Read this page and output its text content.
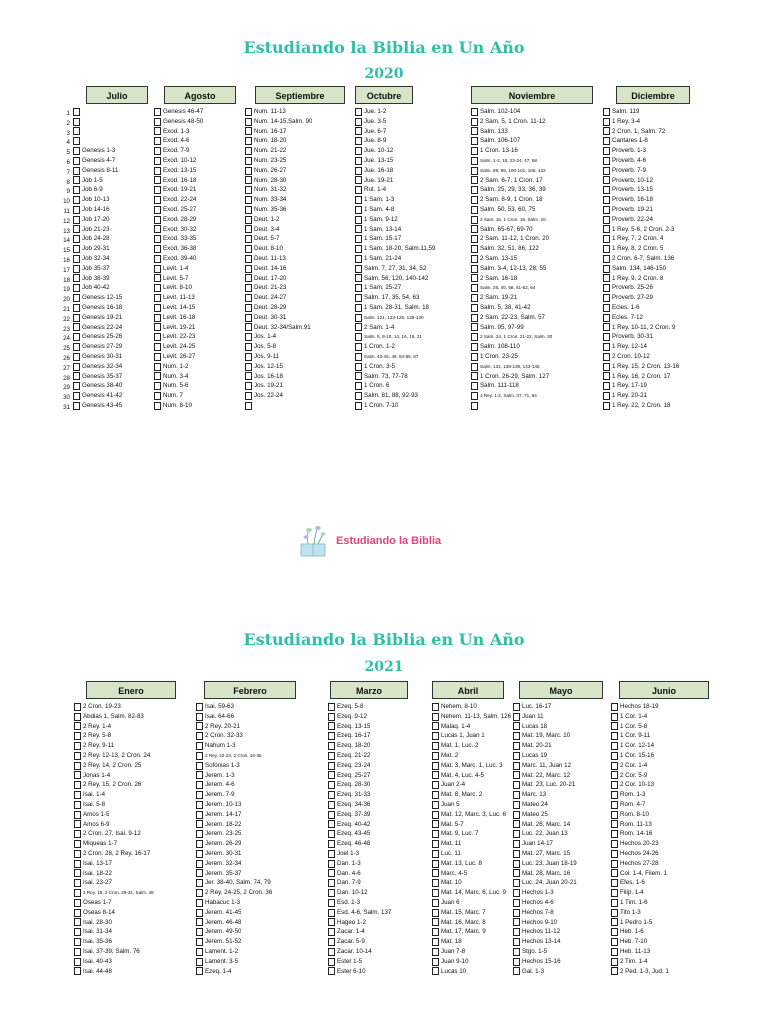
Estudiando la Biblia en Un Año
2020
Julio
Genesis 1-3
Genesis 4-7
Genesis 8-11
Job 1-5
Job 6-9
Job 10-13
Job 14-16
Job 17-20
Job 21-23
Job 24-28
Job 29-31
Job 32-34
Job 35-37
Job 38-39
Job 40-42
Genesis 12-15
Genesis 16-18
Genesis 19-21
Genesis 22-24
Genesis 25-26
Genesis 27-29
Genesis 30-31
Genesis 32-34
Genesis 35-37
Genesis 38-40
Genesis 41-42
Genesis 43-45
Agosto
Genesis 46-47
Genesis 48-50
Exod. 1-3
Exod. 4-6
Exod. 7-9
Exod. 10-12
Exod. 13-15
Exod. 16-18
Exod. 19-21
Exod. 22-24
Exod. 25-27
Exod. 28-29
Exod. 30-32
Exod. 33-35
Exod. 36-38
Exod. 39-40
Levit. 1-4
Levit. 5-7
Levit. 8-10
Levit. 11-13
Levit. 14-15
Levit. 16-18
Levit. 19-21
Levit. 22-23
Levit. 24-25
Levit. 26-27
Num. 1-2
Num. 3-4
Num. 5-6
Num. 7
Num. 8-10
Septiembre
Num. 11-13
Num. 14-15,Salm. 90
Num. 16-17
Num. 18-20
Num. 21-22
Num. 23-25
Num. 26-27
Num. 28-30
Num. 31-32
Num. 33-34
Num. 35-36
Deut. 1-2
Deut. 3-4
Deut. 5-7
Deut. 8-10
Deut. 11-13
Deut. 14-16
Deut. 17-20
Deut. 21-23
Deut. 24-27
Deut. 28-29
Deut. 30-31
Deut. 32-34/Salm.91
Jos. 1-4
Jos. 5-8
Jos. 9-11
Jos. 12-15
Jos. 16-18
Jos. 19-21
Jos. 22-24
Octubre
Jue. 1-2
Jue. 3-5
Jue. 6-7
Jue. 8-9
Jue. 10-12
Jue. 13-15
Jue. 16-18
Jue. 19-21
Rut. 1-4
1 Sam. 1-3
1 Sam. 4-8
1 Sam. 9-12
1 Sam. 13-14
1 Sam. 15-17
1 Sam. 18-20, Salm.11,59
1 Sam. 21-24
Salm. 7, 27, 31, 34, 52
Salm. 56, 120, 140-142
1 Sam. 25-27
Salm. 17, 35, 54, 63
1 Sam. 28-31, Salm. 18
Salm. 121, 123-125, 128-130
2 Sam. 1-4
Salm. 6, 8-10, 14, 16, 19, 21
1 Cron. 1-2
Salm. 43-45, 49, 84-85, 87
1 Cron. 3-5
Salm. 73, 77-78
1 Cron. 6
Salm. 81, 88, 92-93
1 Cron. 7-10
Noviembre
Salm. 102-104
2 Sam. 5, 1 Cron. 11-12
Salm. 133
Salm. 106-107
1 Cron. 13-16
Salm. 1-2, 15, 22-24, 47, 68
Salm. 89, 96, 100-101, 105, 132
2 Sam. 6-7, 1 Cron. 17
Salm. 25, 29, 33, 36, 39
2 Sam. 8-9, 1 Cron. 18
Salm. 50, 53, 60, 75
2 Sam. 10, 1 Cron. 19, Salm. 20
Salm. 65-67, 69-70
2 Sam. 11-12, 1 Cron. 20
Salm. 32, 51, 86, 122
2 Sam. 13-15
Salm. 3-4, 12-13, 28, 55
2 Sam. 16-18
Salm. 26, 40, 58, 61-62, 64
2 Sam. 19-21
Salm. 5, 38, 41-42
2 Sam. 22-23, Salm. 57
Salm. 95, 97-99
2 Sam. 24, 1 Cron. 21-22, Salm. 30
Salm. 108-110
1 Cron. 23-25
Salm. 131, 138-139, 143-145
1 Cron. 26-29, Salm. 127
Salm. 111-118
1 Rey. 1-2, Salm. 37, 71, 94
Diciembre
Salm. 119
1 Rey. 3-4
2 Cron. 1, Salm. 72
Cantares 1-8
Proverb. 1-3
Proverb. 4-6
Proverb. 7-9
Proverb. 10-12
Proverb. 13-15
Proverb. 16-18
Proverb. 19-21
Proverb. 22-24
1 Rey. 5-6, 2 Cron. 2-3
1 Rey. 7, 2 Cron. 4
1 Rey. 8, 2 Cron. 5
2 Cron. 6-7, Salm. 136
Salm. 134, 146-150
1 Rey. 9, 2 Cron. 8
Proverb. 25-26
Proverb. 27-29
Ecles. 1-6
Ecles. 7-12
1 Rey. 10-11, 2 Cron. 9
Proverb. 30-31
1 Rey. 12-14
2 Cron. 10-12
1 Rey. 15, 2 Cron. 13-16
1 Rey. 16, 2 Cron. 17
1 Rey. 17-19
1 Rey. 20-21
1 Rey. 22, 2 Cron. 18
1
2
3
4
5
6
7
8
9
10
11
12
13
14
15
16
17
18
19
20
21
22
23
24
25
26
27
28
29
30
31
Estudiando la Biblia
Estudiando la Biblia en Un Año
2021
Enero
2 Cron. 19-23
Abdias 1, Salm. 82-83
2 Rey. 1-4
2 Rey. 5-8
2 Rey. 9-11
2 Rey. 12-13, 2 Cron. 24
2 Rey. 14, 2 Cron. 25
Jonas 1-4
2 Rey. 15, 2 Cron. 26
Isai. 1-4
Isai. 5-8
Amos 1-5
Amos 6-9
2 Cron. 27, Isai. 9-12
Miqueas 1-7
2 Cron. 28, 2 Rey. 16-17
Isai. 13-17
Isai. 18-22
Isai. 23-27
2 Rey. 18, 2 Cron. 29-31, Salm. 48
Oseas 1-7
Oseas 8-14
Isai. 28-30
Isai. 31-34
Isai. 35-36
Isai. 37-39, Salm. 76
Isai. 40-43
Isai. 44-48
Febrero
Isai. 59-63
Isai. 64-66
2 Rey. 20-21
2 Cron. 32-33
Nahum 1-3
2 Rey. 22-23, 2 Cron. 34-35
Sofonias 1-3
Jerem. 1-3
Jerem. 4-6
Jerem. 7-9
Jerem. 10-13
Jerem. 14-17
Jerem. 18-22
Jerem. 23-25
Jerem. 26-29
Jerem. 30-31
Jerem. 32-34
Jerem. 35-37
Jer. 38-40, Salm. 74, 79
2 Rey. 24-25, 2 Cron. 36
Habacuc 1-3
Jerem. 41-45
Jerem. 46-48
Jerem. 49-50
Jerem. 51-52
Lament. 1-2
Lament. 3-5
Ezeq. 1-4
Marzo
Ezeq. 5-8
Ezeq. 9-12
Ezeq. 13-15
Ezeq. 16-17
Ezeq. 18-20
Ezeq. 21-22
Ezeq. 23-24
Ezeq. 25-27
Ezeq. 28-30
Ezeq. 31-33
Ezeq. 34-36
Ezeq. 37-39
Ezeq. 40-42
Ezeq. 43-45
Ezeq. 46-48
Joel 1-3
Dan. 1-3
Dan. 4-6
Dan. 7-9
Dan. 10-12
Esd. 1-3
Esd. 4-6, Salm. 137
Hageo 1-2
Zacar. 1-4
Zacar. 5-9
Zacar. 10-14
Ester 1-5
Ester 6-10
Abril
Nehem. 8-10
Nehem. 11-13, Salm. 126
Malaq. 1-4
Lucas 1, Juan 1
Mat. 1, Luc. 2
Mat. 2
Mat. 3, Marc. 1, Luc. 3
Mat. 4, Luc. 4-5
Juan 2-4
Mat. 8, Marc. 2
Juan 5
Mat. 12, Marc. 3, Luc. 6
Mat. 5-7
Mat. 9, Luc. 7
Mat. 11
Luc. 11
Mat. 13, Luc. 8
Marc. 4-5
Mat. 10
Mat. 14, Marc. 6, Luc. 9
Juan 6
Mat. 15, Marc. 7
Mat. 16, Marc. 8
Mat. 17, Marc. 9
Mat. 18
Juan 7-8
Juan 9-10
Lucas 10
Mayo
Luc. 16-17
Juan 11
Lucas 18
Mat. 19, Marc. 10
Mat. 20-21
Lucas 19
Marc. 11, Juan 12
Mat. 22, Marc. 12
Mat. 23, Luc. 20-21
Marc. 13
Mateo 24
Mateo 25
Mat. 26, Marc. 14
Luc. 22, Juan 13
Juan 14-17
Mat. 27, Marc. 15
Luc. 23, Juan 18-19
Mat. 28, Marc. 16
Luc. 24, Juan 20-21
Hechos 1-3
Hechos 4-6
Hechos 7-8
Hechos 9-10
Hechos 11-12
Hechos 13-14
Stgo. 1-5
Hechos 15-16
Gal. 1-3
Junio
Hechos 18-19
1 Cor. 1-4
1 Cor. 5-8
1 Cor. 9-11
1 Cor. 12-14
1 Cor. 15-16
2 Cor. 1-4
2 Cor. 5-9
2 Cor. 10-13
Rom. 1-3
Rom. 4-7
Rom. 8-10
Rom. 11-13
Rom. 14-16
Hechos 20-23
Hechos 24-26
Hechos 27-28
Col. 1-4, Filem. 1
Efes. 1-6
Filip. 1-4
1 Tim. 1-6
Tito 1-3
1 Pedro 1-5
Heb. 1-6
Heb. 7-10
Heb. 11-13
2 Tim. 1-4
2 Ped. 1-3, Jud. 1
